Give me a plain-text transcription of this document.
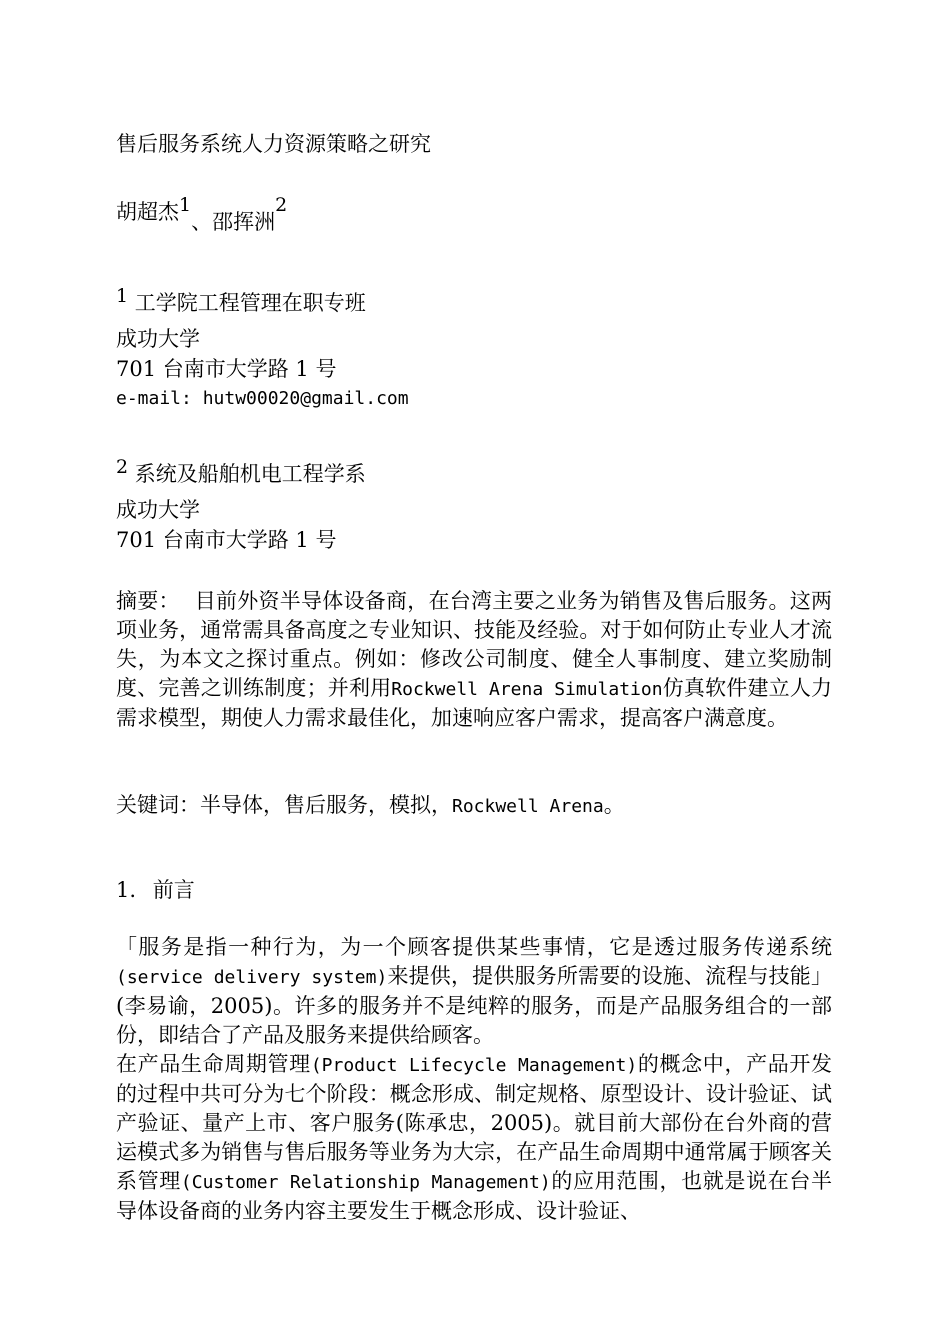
售后服务系统人力资源策略之研究
胡超杰$^1$、邵挥洲$^2$
$^1$ 工学院工程管理在职专班
成功大学
701 台南市大学路 1 号
e-mail: hutw00020@gmail.com
$^2$ 系统及船舶机电工程学系
成功大学
701 台南市大学路 1 号
摘要： 目前外资半导体设备商，在台湾主要之业务为销售及售后服务。这两项业务，通常需具备高度之专业知识、技能及经验。对于如何防止专业人才流失，为本文之探讨重点。例如：修改公司制度、健全人事制度、建立奖励制度、完善之训练制度；并利用Rockwell Arena Simulation仿真软件建立人力需求模型，期使人力需求最佳化，加速响应客户需求，提高客户满意度。
关键词：半导体，售后服务，模拟，Rockwell Arena。
1. 前言

「服务是指一种行为，为一个顾客提供某些事情，它是透过服务传递系统(service delivery system)来提供，提供服务所需要的设施、流程与技能」(李易谕，2005)。许多的服务并不是纯粹的服务，而是产品服务组合的一部份，即结合了产品及服务来提供给顾客。

在产品生命周期管理(Product Lifecycle Management)的概念中，产品开发的过程中共可分为七个阶段：概念形成、制定规格、原型设计、设计验证、试产验证、量产上市、客户服务(陈承忠，2005)。就目前大部份在台外商的营运模式多为销售与售后服务等业务为大宗，在产品生命周期中通常属于顾客关系管理(Customer Relationship Management)的应用范围，也就是说在台半导体设备商的业务内容主要发生于概念形成、设计验证、
